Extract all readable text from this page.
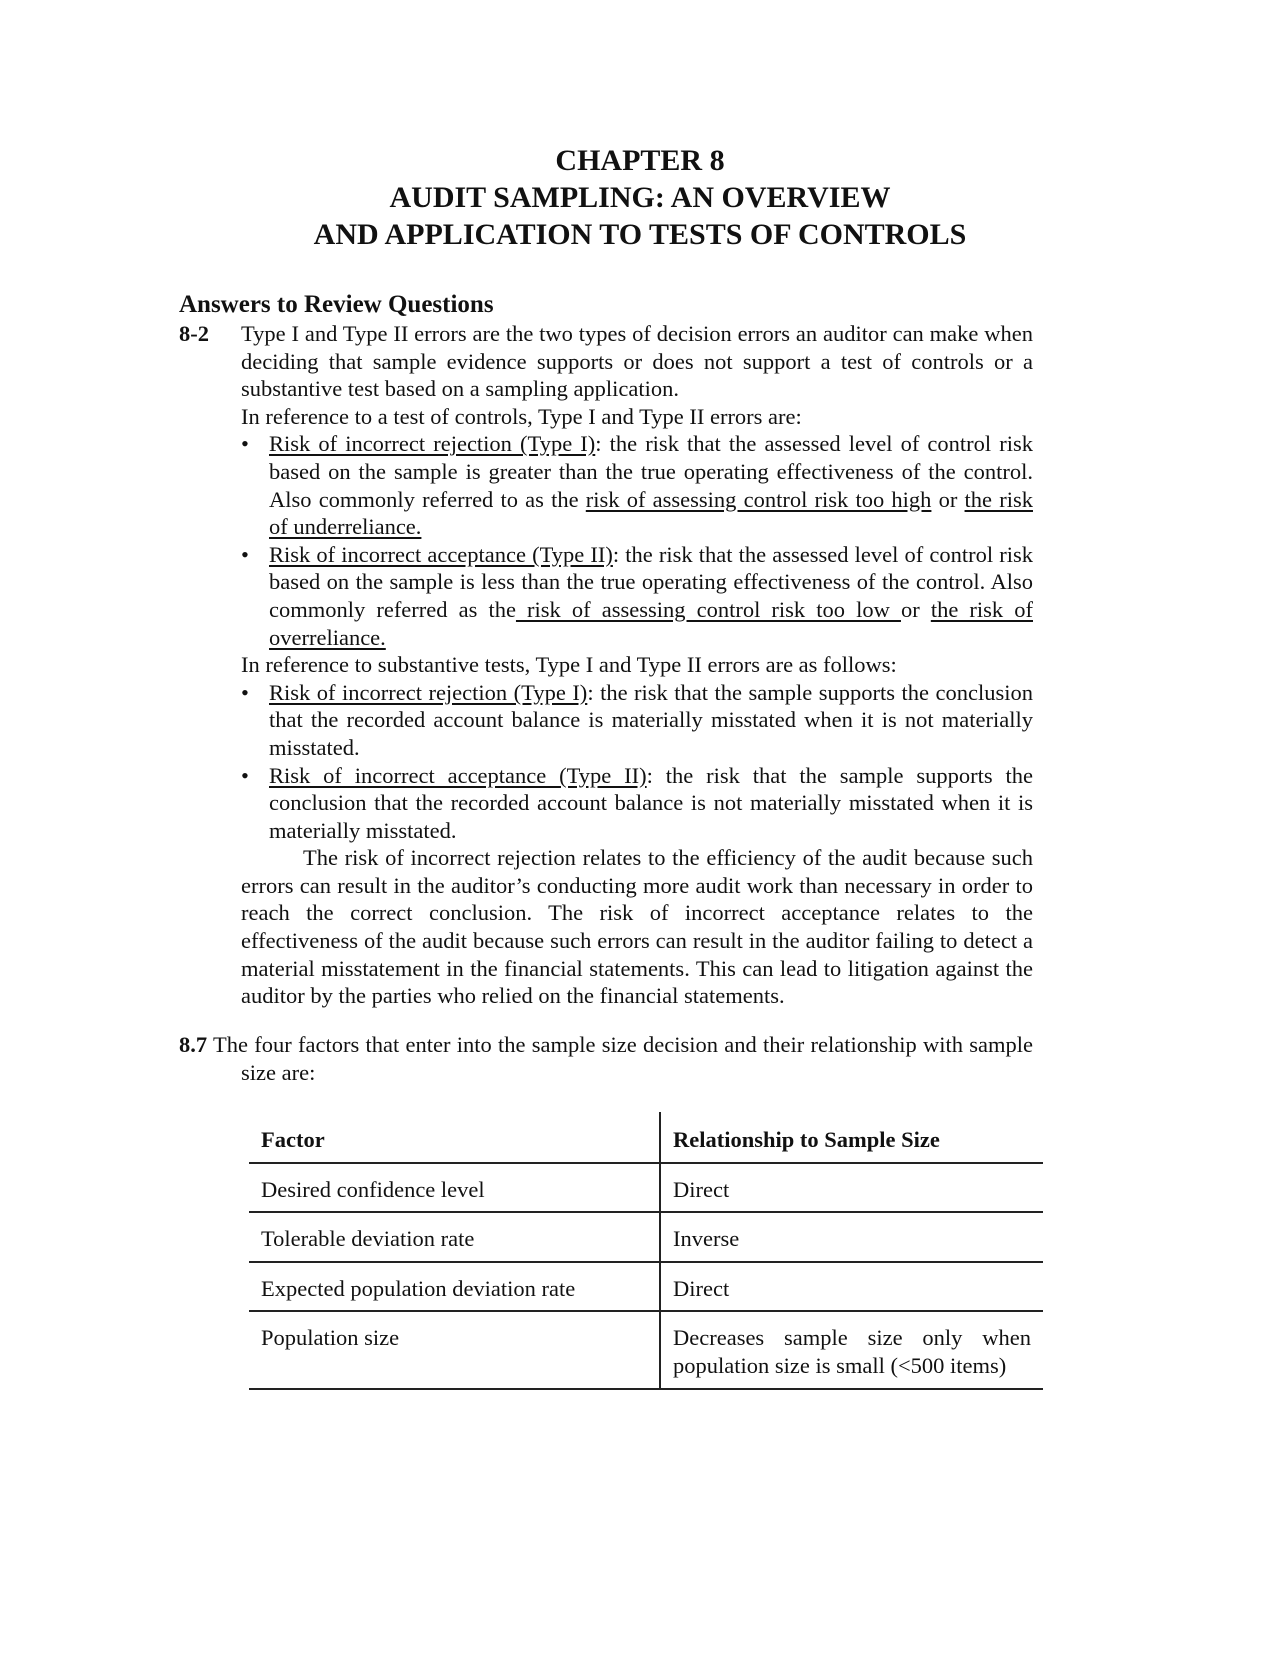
CHAPTER 8
AUDIT SAMPLING: AN OVERVIEW
AND APPLICATION TO TESTS OF CONTROLS
Answers to Review Questions
8-2 Type I and Type II errors are the two types of decision errors an auditor can make when deciding that sample evidence supports or does not support a test of controls or a substantive test based on a sampling application.
In reference to a test of controls, Type I and Type II errors are:
• Risk of incorrect rejection (Type I): the risk that the assessed level of control risk based on the sample is greater than the true operating effectiveness of the control. Also commonly referred to as the risk of assessing control risk too high or the risk of underreliance.
• Risk of incorrect acceptance (Type II): the risk that the assessed level of control risk based on the sample is less than the true operating effectiveness of the control. Also commonly referred as the risk of assessing control risk too low or the risk of overreliance.
In reference to substantive tests, Type I and Type II errors are as follows:
• Risk of incorrect rejection (Type I): the risk that the sample supports the conclusion that the recorded account balance is materially misstated when it is not materially misstated.
• Risk of incorrect acceptance (Type II): the risk that the sample supports the conclusion that the recorded account balance is not materially misstated when it is materially misstated.
The risk of incorrect rejection relates to the efficiency of the audit because such errors can result in the auditor’s conducting more audit work than necessary in order to reach the correct conclusion. The risk of incorrect acceptance relates to the effectiveness of the audit because such errors can result in the auditor failing to detect a material misstatement in the financial statements. This can lead to litigation against the auditor by the parties who relied on the financial statements.
8.7 The four factors that enter into the sample size decision and their relationship with sample size are:
Factor	Relationship to Sample Size
Desired confidence level	Direct
Tolerable deviation rate	Inverse
Expected population deviation rate	Direct
Population size	Decreases sample size only when population size is small (<500 items)
